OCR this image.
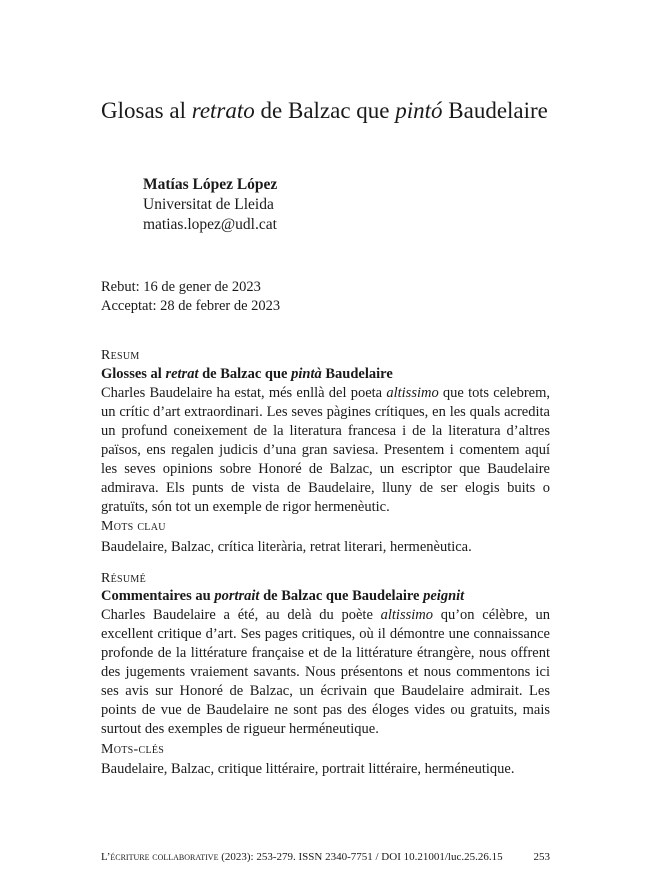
Glosas al retrato de Balzac que pintó Baudelaire
Matías López López
Universitat de Lleida
matias.lopez@udl.cat
Rebut: 16 de gener de 2023
Acceptat: 28 de febrer de 2023
Resum
Glosses al retrat de Balzac que pintà Baudelaire
Charles Baudelaire ha estat, més enllà del poeta altissimo que tots celebrem, un crític d’art extraordinari. Les seves pàgines crítiques, en les quals acredita un profund coneixement de la literatura francesa i de la literatura d’altres països, ens regalen judicis d’una gran saviesa. Presentem i comentem aquí les seves opinions sobre Honoré de Balzac, un escriptor que Baudelaire admirava. Els punts de vista de Baudelaire, lluny de ser elogis buits o gratuïts, són tot un exemple de rigor hermenèutic.
Mots clau
Baudelaire, Balzac, crítica literària, retrat literari, hermenèutica.
Résumé
Commentaires au portrait de Balzac que Baudelaire peignit
Charles Baudelaire a été, au delà du poète altissimo qu’on célèbre, un excellent critique d’art. Ses pages critiques, où il démontre une connaissance profonde de la littérature française et de la littérature étrangère, nous offrent des jugements vraiement savants. Nous présentons et nous commentons ici ses avis sur Honoré de Balzac, un écrivain que Baudelaire admirait. Les points de vue de Baudelaire ne sont pas des éloges vides ou gratuits, mais surtout des exemples de rigueur herméneutique.
Mots-clés
Baudelaire, Balzac, critique littéraire, portrait littéraire, herméneutique.
L’écriture collaborative (2023): 253-279. ISSN 2340-7751 / DOI 10.21001/luc.25.26.15	253
